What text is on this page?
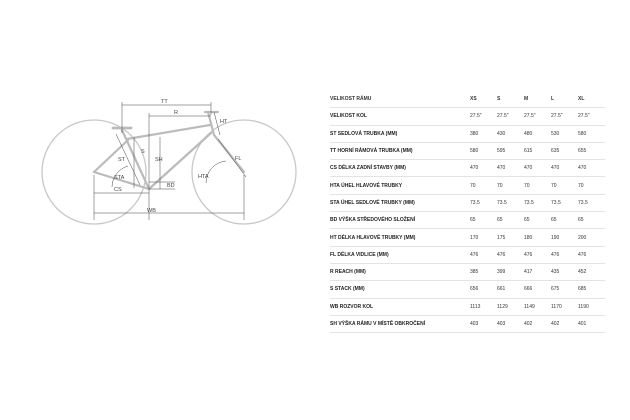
TT
R
HT
ST
S
SH
STA	HTA
FL
BD
CS
WB
VELIKOST RÁMU	XS	S	M	L	XL
VELIKOST KOL	27.5"	27.5"	27.5"	27.5"	27.5"
ST SEDLOVÁ TRUBKA (MM)	380	430	480	530	580
TT HORNÍ RÁMOVÁ TRUBKA (MM)	580	595	615	635	655
CS DÉLKA ZADNÍ STAVBY (MM)	470	470	470	470	470
HTA ÚHEL HLAVOVÉ TRUBKY	70	70	70	70	70
STA ÚHEL SEDLOVÉ TRUBKY (MM)	73.5	73.5	73.5	73.5	73.5
BD VÝŠKA STŘEDOVÉHO SLOŽENÍ	65	65	65	65	65
HT DÉLKA HLAVOVÉ TRUBKY (MM)	170	175	180	190	200
FL DÉLKA VIDLICE (MM)	476	476	476	476	476
R REACH (MM)	385	399	417	435	452
S STACK (MM)	656	661	666	675	685
WB ROZVOR KOL	1113	1129	1149	1170	1190
SH VÝŠKA RÁMU V MÍSTĚ OBKROČENÍ	403	403	402	402	401
